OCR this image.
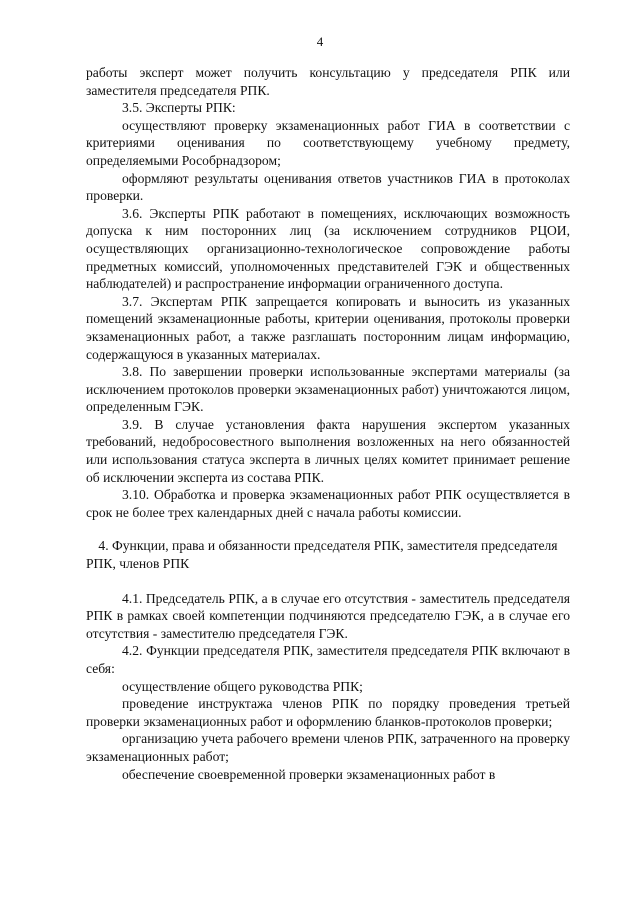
4

работы эксперт может получить консультацию у председателя РПК или заместителя председателя РПК.

3.5. Эксперты РПК:

осуществляют проверку экзаменационных работ ГИА в соответствии с критериями оценивания по соответствующему учебному предмету, определяемыми Рособрнадзором;

оформляют результаты оценивания ответов участников ГИА в протоколах проверки.

3.6. Эксперты РПК работают в помещениях, исключающих возможность допуска к ним посторонних лиц (за исключением сотрудников РЦОИ, осуществляющих организационно-технологическое сопровождение работы предметных комиссий, уполномоченных представителей ГЭК и общественных наблюдателей) и распространение информации ограниченного доступа.

3.7. Экспертам РПК запрещается копировать и выносить из указанных помещений экзаменационные работы, критерии оценивания, протоколы проверки экзаменационных работ, а также разглашать посторонним лицам информацию, содержащуюся в указанных материалах.

3.8. По завершении проверки использованные экспертами материалы (за исключением протоколов проверки экзаменационных работ) уничтожаются лицом, определенным ГЭК.

3.9. В случае установления факта нарушения экспертом указанных требований, недобросовестного выполнения возложенных на него обязанностей или использования статуса эксперта в личных целях комитет принимает решение об исключении эксперта из состава РПК.

3.10. Обработка и проверка экзаменационных работ РПК осуществляется в срок не более трех календарных дней с начала работы комиссии.

4. Функции, права и обязанности председателя РПК, заместителя председателя РПК, членов РПК

4.1. Председатель РПК, а в случае его отсутствия - заместитель председателя РПК в рамках своей компетенции подчиняются председателю ГЭК, а в случае его отсутствия - заместителю председателя ГЭК.

4.2. Функции председателя РПК, заместителя председателя РПК включают в себя:

осуществление общего руководства РПК;

проведение инструктажа членов РПК по порядку проведения третьей проверки экзаменационных работ и оформлению бланков-протоколов проверки;

организацию учета рабочего времени членов РПК, затраченного на проверку экзаменационных работ;

обеспечение своевременной проверки экзаменационных работ в
